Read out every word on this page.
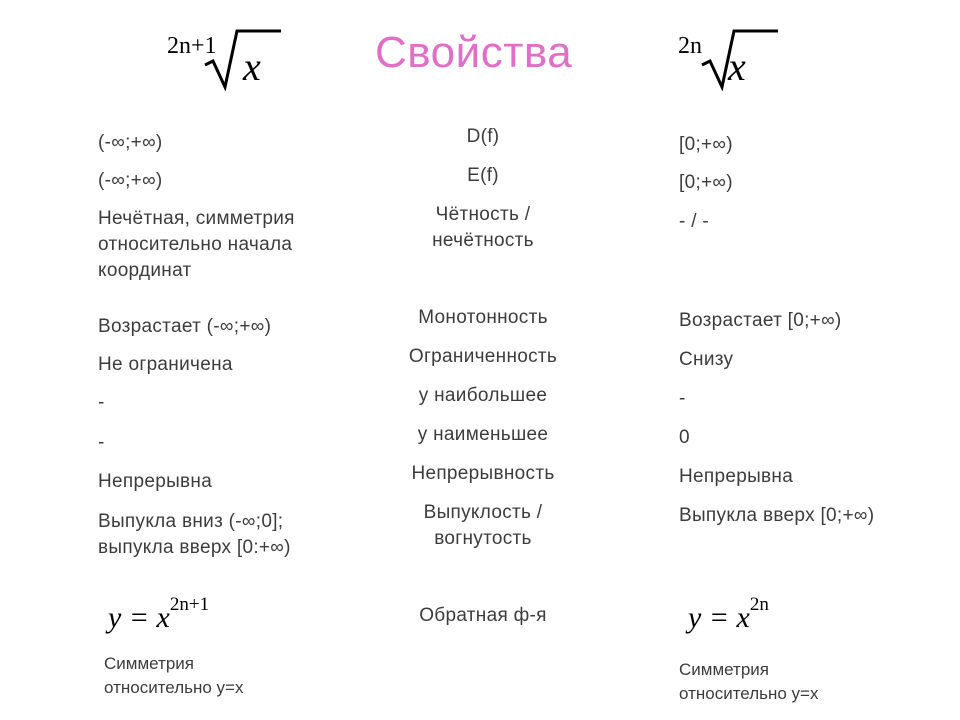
2n+1 x	Свойства	2n x
(-∞;+∞)
(-∞;+∞)
Нечётная, симметрия относительно начала координат
Возрастает (-∞;+∞)
Не ограничена
-
-
Непрерывна
Выпукла вниз (-∞;0]; выпукла вверх [0:+∞)
$y = x^{2n+1}$
Симметрия относительно y=x
D(f)
E(f)
Чётность / нечётность
Монотонность
Ограниченность
у наибольшее
у наименьшее
Непрерывность
Выпуклость / вогнутость
Обратная ф-я
[0;+∞)
[0;+∞)
- / -
Возрастает [0;+∞)
Снизу
-
0
Непрерывна
Выпукла вверх [0;+∞)
$y = x^{2n}$
Симметрия относительно y=x
